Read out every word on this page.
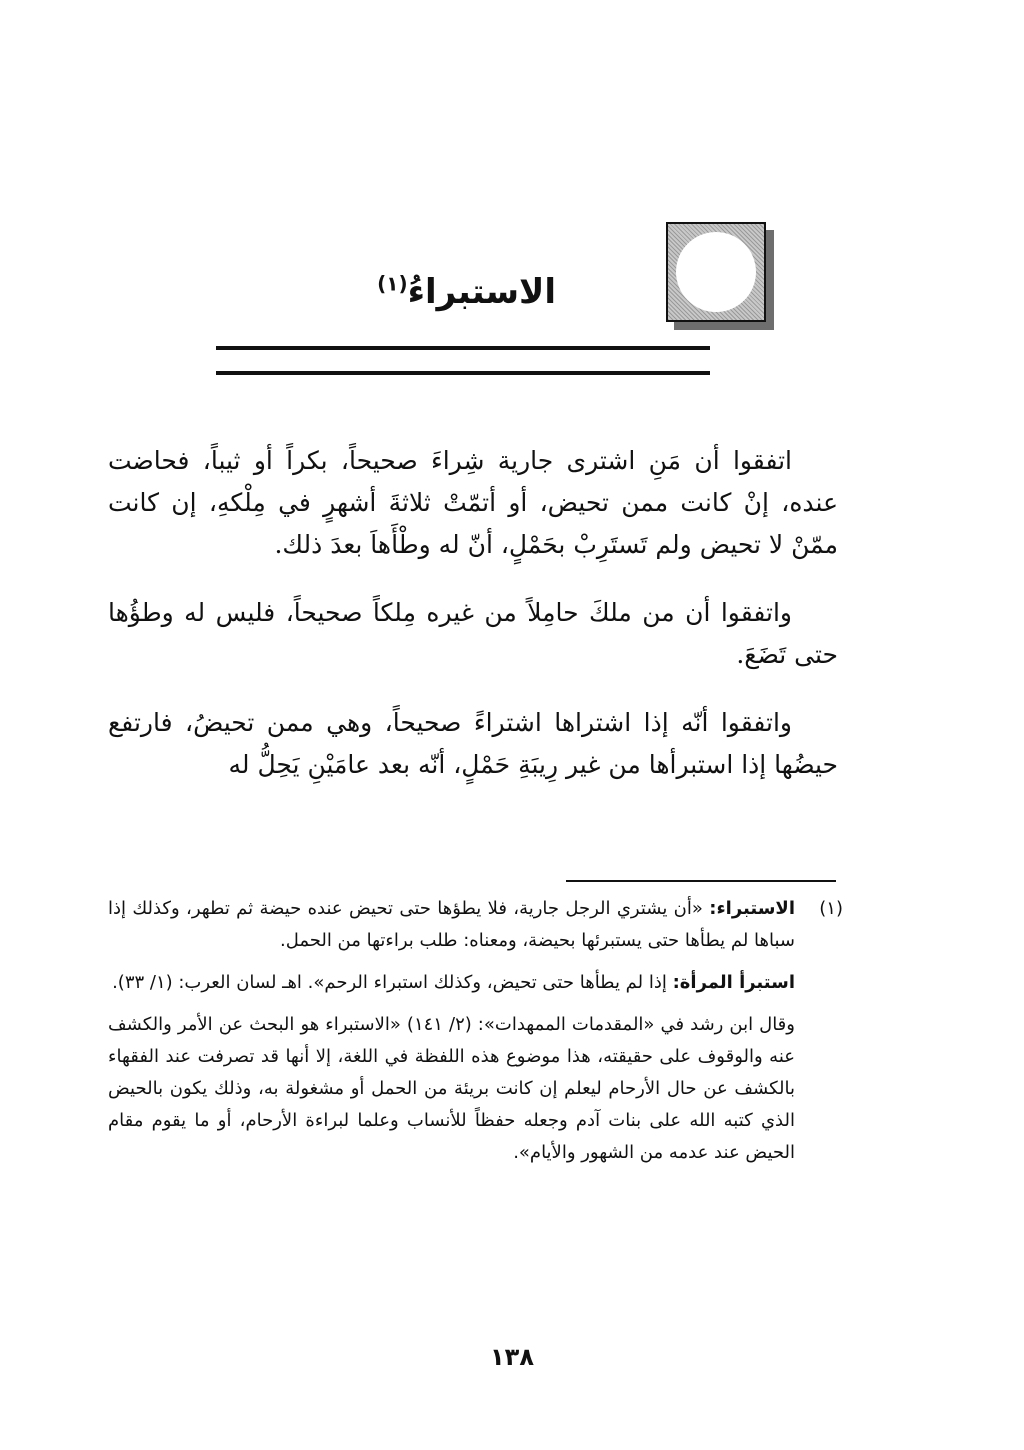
الاستبراءُ$^{(١)}$

اتفقوا أن مَنِ اشترى جارية شِراءَ صحيحاً، بكراً أو ثيباً، فحاضت عنده، إنْ كانت ممن تحيض، أو أتمّتْ ثلاثةَ أشهرٍ في مِلْكهِ، إن كانت ممّنْ لا تحيض ولم تَستَرِبْ بحَمْلٍ، أنّ له وطْأَهاَ بعدَ ذلك.

واتفقوا أن من ملكَ حامِلاً من غيره مِلكاً صحيحاً، فليس له وطؤُها حتى تَضَعَ.

واتفقوا أنّه إذا اشتراها اشتراءً صحيحاً، وهي ممن تحيضُ، فارتفع حيضُها إذا استبرأها من غير رِيبَةِ حَمْلٍ، أنّه بعد عامَيْنِ يَحِلُّ له

(١)
الاستبراء: «أن يشتري الرجل جارية، فلا يطؤها حتى تحيض عنده حيضة ثم تطهر، وكذلك إذا سباها لم يطأها حتى يستبرئها بحيضة، ومعناه: طلب براءتها من الحمل.

استبرأ المرأة: إذا لم يطأها حتى تحيض، وكذلك استبراء الرحم». اهـ لسان العرب: (١/ ٣٣).

وقال ابن رشد في «المقدمات الممهدات»: (٢/ ١٤١) «الاستبراء هو البحث عن الأمر والكشف عنه والوقوف على حقيقته، هذا موضوع هذه اللفظة في اللغة، إلا أنها قد تصرفت عند الفقهاء بالكشف عن حال الأرحام ليعلم إن كانت بريئة من الحمل أو مشغولة به، وذلك يكون بالحيض الذي كتبه الله على بنات آدم وجعله حفظاً للأنساب وعلما لبراءة الأرحام، أو ما يقوم مقام الحيض عند عدمه من الشهور والأيام».

١٣٨
